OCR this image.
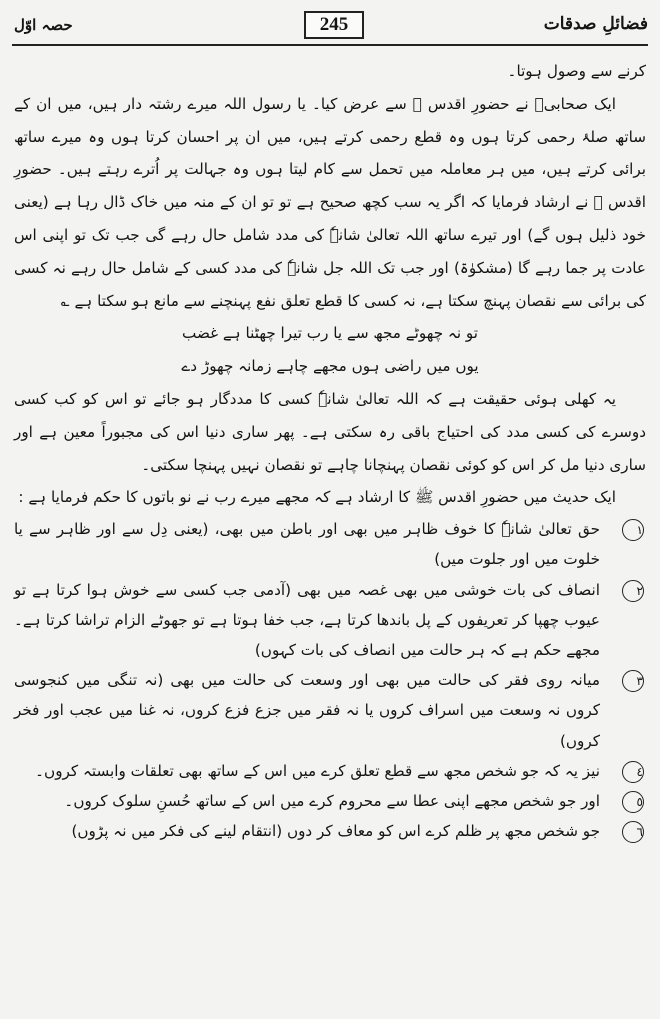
فضائلِ صدقات
245
حصہ اوّل

کرنے سے وصول ہوتا۔

ایک صحابیؓ نے حضورِ اقدس ﷺ سے عرض کیا۔ یا رسول اللہ میرے رشتہ دار ہیں، میں ان کے ساتھ صلۂ رحمی کرتا ہوں وہ قطع رحمی کرتے ہیں، میں ان پر احسان کرتا ہوں وہ میرے ساتھ برائی کرتے ہیں، میں ہر معاملہ میں تحمل سے کام لیتا ہوں وہ جہالت پر اُترے رہتے ہیں۔ حضورِ اقدس ﷺ نے ارشاد فرمایا کہ اگر یہ سب کچھ صحیح ہے تو تو ان کے منہ میں خاک ڈال رہا ہے (یعنی خود ذلیل ہوں گے) اور تیرے ساتھ اللہ تعالیٰ شانہٗ کی مدد شامل حال رہے گی جب تک تو اپنی اس عادت پر جما رہے گا (مشکوٰۃ) اور جب تک اللہ جل شانہٗ کی مدد کسی کے شامل حال رہے نہ کسی کی برائی سے نقصان پہنچ سکتا ہے، نہ کسی کا قطع تعلق نفع پہنچنے سے مانع ہو سکتا ہے ؎

تو نہ چھوٹے مجھ سے یا رب تیرا چھٹنا ہے غضب

یوں میں راضی ہوں مجھے چاہے زمانہ چھوڑ دے

یہ کھلی ہوئی حقیقت ہے کہ اللہ تعالیٰ شانہٗ کسی کا مددگار ہو جائے تو اس کو کب کسی دوسرے کی کسی مدد کی احتیاج باقی رہ سکتی ہے۔ پھر ساری دنیا اس کی مجبوراً معین ہے اور ساری دنیا مل کر اس کو کوئی نقصان پہنچانا چاہے تو نقصان نہیں پہنچا سکتی۔

ایک حدیث میں حضورِ اقدس ﷺ کا ارشاد ہے کہ مجھے میرے رب نے نو باتوں کا حکم فرمایا ہے :

١
حق تعالیٰ شانہٗ کا خوف ظاہر میں بھی اور باطن میں بھی، (یعنی دِل سے اور ظاہر سے یا خلوت میں اور جلوت میں)
٢
انصاف کی بات خوشی میں بھی غصہ میں بھی (آدمی جب کسی سے خوش ہوا کرتا ہے تو عیوب چھپا کر تعریفوں کے پل باندھا کرتا ہے، جب خفا ہوتا ہے تو جھوٹے الزام تراشا کرتا ہے۔ مجھے حکم ہے کہ ہر حالت میں انصاف کی بات کہوں)
٣
میانہ روی فقر کی حالت میں بھی اور وسعت کی حالت میں بھی (نہ تنگی میں کنجوسی کروں نہ وسعت میں اسراف کروں یا نہ فقر میں جزع فزع کروں، نہ غنا میں عجب اور فخر کروں)
٤
نیز یہ کہ جو شخص مجھ سے قطع تعلق کرے میں اس کے ساتھ بھی تعلقات وابستہ کروں۔
٥
اور جو شخص مجھے اپنی عطا سے محروم کرے میں اس کے ساتھ حُسنِ سلوک کروں۔
٦
جو شخص مجھ پر ظلم کرے اس کو معاف کر دوں (انتقام لینے کی فکر میں نہ پڑوں)
